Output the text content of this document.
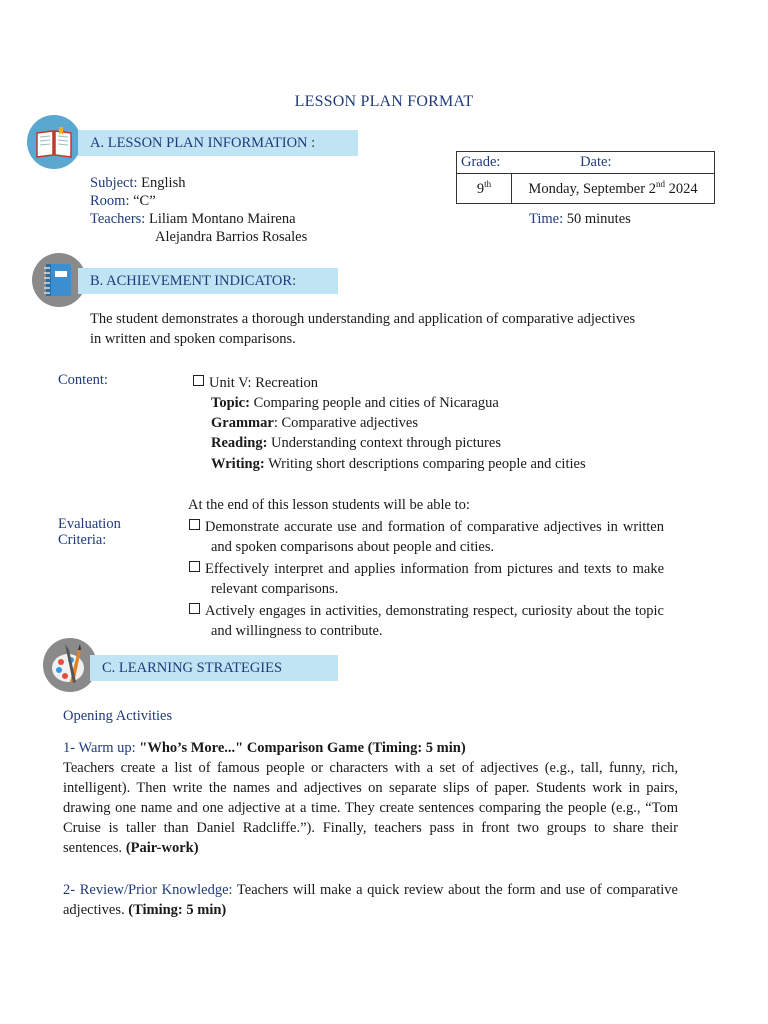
LESSON PLAN FORMAT
A. LESSON PLAN INFORMATION :
Subject: English
Room: “C”
Teachers: Liliam Montano Mairena
Alejandra Barrios Rosales
Grade:	Date:
9th	Monday, September 2nd 2024
Time: 50 minutes
B. ACHIEVEMENT INDICATOR:
The student demonstrates a thorough understanding and application of comparative adjectives
in written and spoken comparisons.
Content:	Unit V: Recreation
Topic: Comparing people and cities of Nicaragua
Grammar: Comparative adjectives
Reading: Understanding context through pictures
Writing: Writing short descriptions comparing people and cities
At the end of this lesson students will be able to:
Evaluation
Criteria:
Demonstrate accurate use and formation of comparative adjectives in written and spoken comparisons about people and cities.
Effectively interpret and applies information from pictures and texts to make relevant comparisons.
Actively engages in activities, demonstrating respect, curiosity about the topic and willingness to contribute.
C. LEARNING STRATEGIES
Opening Activities
1- Warm up: "Who’s More..." Comparison Game (Timing: 5 min)
Teachers create a list of famous people or characters with a set of adjectives (e.g., tall, funny, rich, intelligent). Then write the names and adjectives on separate slips of paper. Students work in pairs, drawing one name and one adjective at a time. They create sentences comparing the people (e.g., “Tom Cruise is taller than Daniel Radcliffe.”). Finally, teachers pass in front two groups to share their sentences. (Pair-work)
2- Review/Prior Knowledge: Teachers will make a quick review about the form and use of comparative adjectives. (Timing: 5 min)
